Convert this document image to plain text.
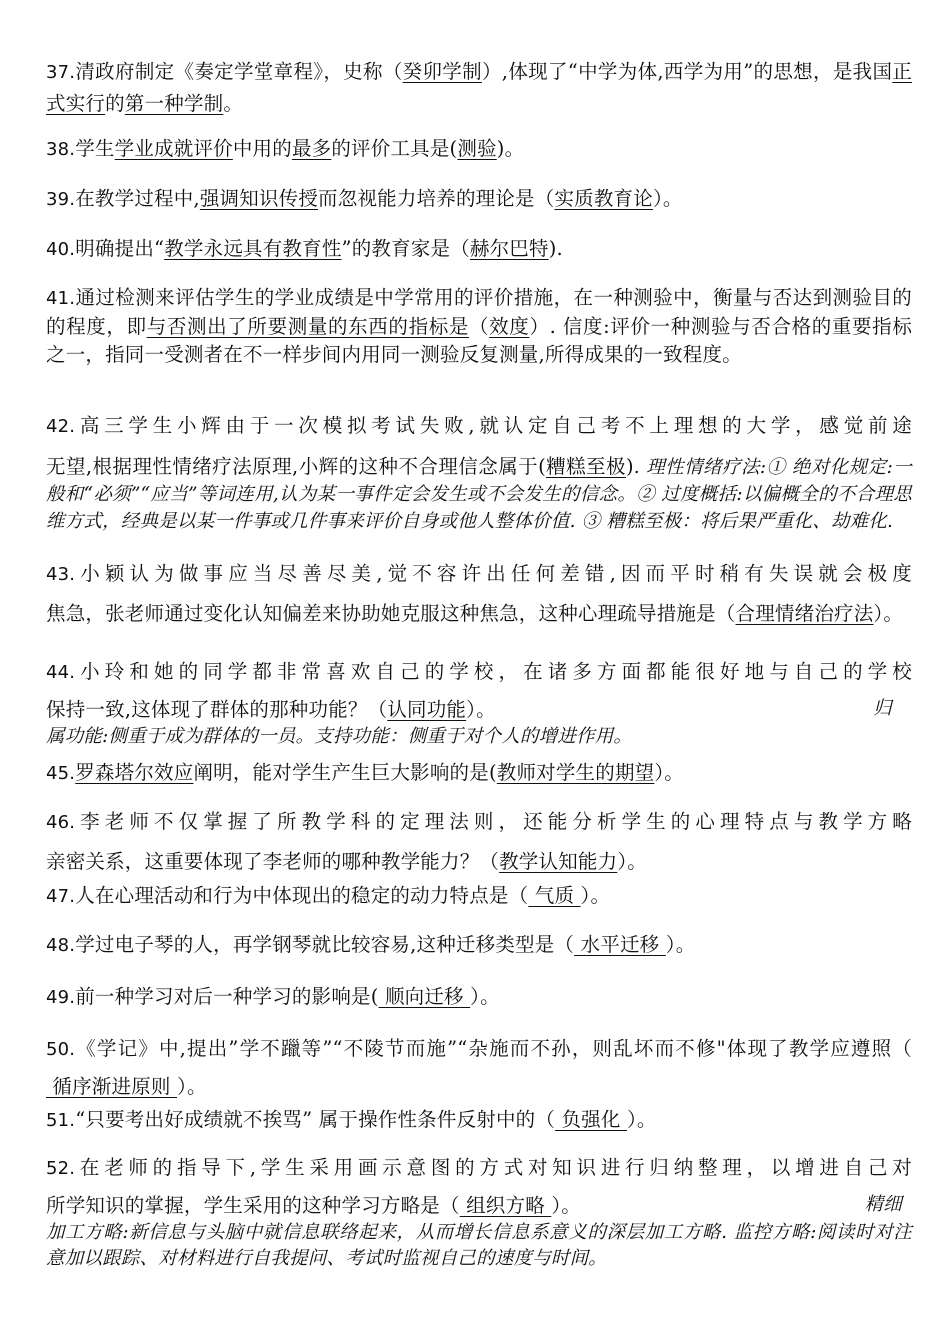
37.清政府制定《奏定学堂章程》，史称（癸卯学制）,体现了“中学为体,西学为用”的思想，是我国正式实行的第一种学制。
38.学生学业成就评价中用的最多的评价工具是(测验)。
39.在教学过程中,强调知识传授而忽视能力培养的理论是（实质教育论）。
40.明确提出“教学永远具有教育性”的教育家是（赫尔巴特).
41.通过检测来评估学生的学业成绩是中学常用的评价措施，在一种测验中，衡量与否达到测验目的的程度，即与否测出了所要测量的东西的指标是（效度）. 信度:评价一种测验与否合格的重要指标之一，指同一受测者在不一样步间内用同一测验反复测量,所得成果的一致程度。
42.高三学生小辉由于一次模拟考试失败,就认定自己考不上理想的大学，感觉前途
无望,根据理性情绪疗法原理,小辉的这种不合理信念属于(糟糕至极). 理性情绪疗法:① 绝对化规定:一般和“必须”“应当”等词连用,认为某一事件定会发生或不会发生的信念。② 过度概括:以偏概全的不合理思维方式，经典是以某一件事或几件事来评价自身或他人整体价值. ③ 糟糕至极：将后果严重化、劫难化.
43.小颖认为做事应当尽善尽美,觉不容许出任何差错,因而平时稍有失误就会极度
焦急，张老师通过变化认知偏差来协助她克服这种焦急，这种心理疏导措施是（合理情绪治疗法）。
44.小玲和她的同学都非常喜欢自己的学校，在诸多方面都能很好地与自己的学校
保持一致,这体现了群体的那种功能？（认同功能）。	归
属功能:侧重于成为群体的一员。支持功能：侧重于对个人的增进作用。
45.罗森塔尔效应阐明，能对学生产生巨大影响的是(教师对学生的期望）。
46.李老师不仅掌握了所教学科的定理法则，还能分析学生的心理特点与教学方略
亲密关系，这重要体现了李老师的哪种教学能力？（教学认知能力）。
47.人在心理活动和行为中体现出的稳定的动力特点是（ 气质 ）。
48.学过电子琴的人，再学钢琴就比较容易,这种迁移类型是（ 水平迁移 ）。
49.前一种学习对后一种学习的影响是( 顺向迁移 ）。
50.《学记》中,提出”学不躐等”“不陵节而施”“杂施而不孙，则乱坏而不修"体现了教学应遵照（ 循序渐进原则 ）。
51.“只要考出好成绩就不挨骂” 属于操作性条件反射中的（ 负强化 ）。
52.在老师的指导下,学生采用画示意图的方式对知识进行归纳整理，以增进自己对
所学知识的掌握，学生采用的这种学习方略是（ 组织方略 ）。	精细
加工方略:新信息与头脑中就信息联络起来，从而增长信息系意义的深层加工方略. 监控方略:阅读时对注意加以跟踪、对材料进行自我提问、考试时监视自己的速度与时间。
